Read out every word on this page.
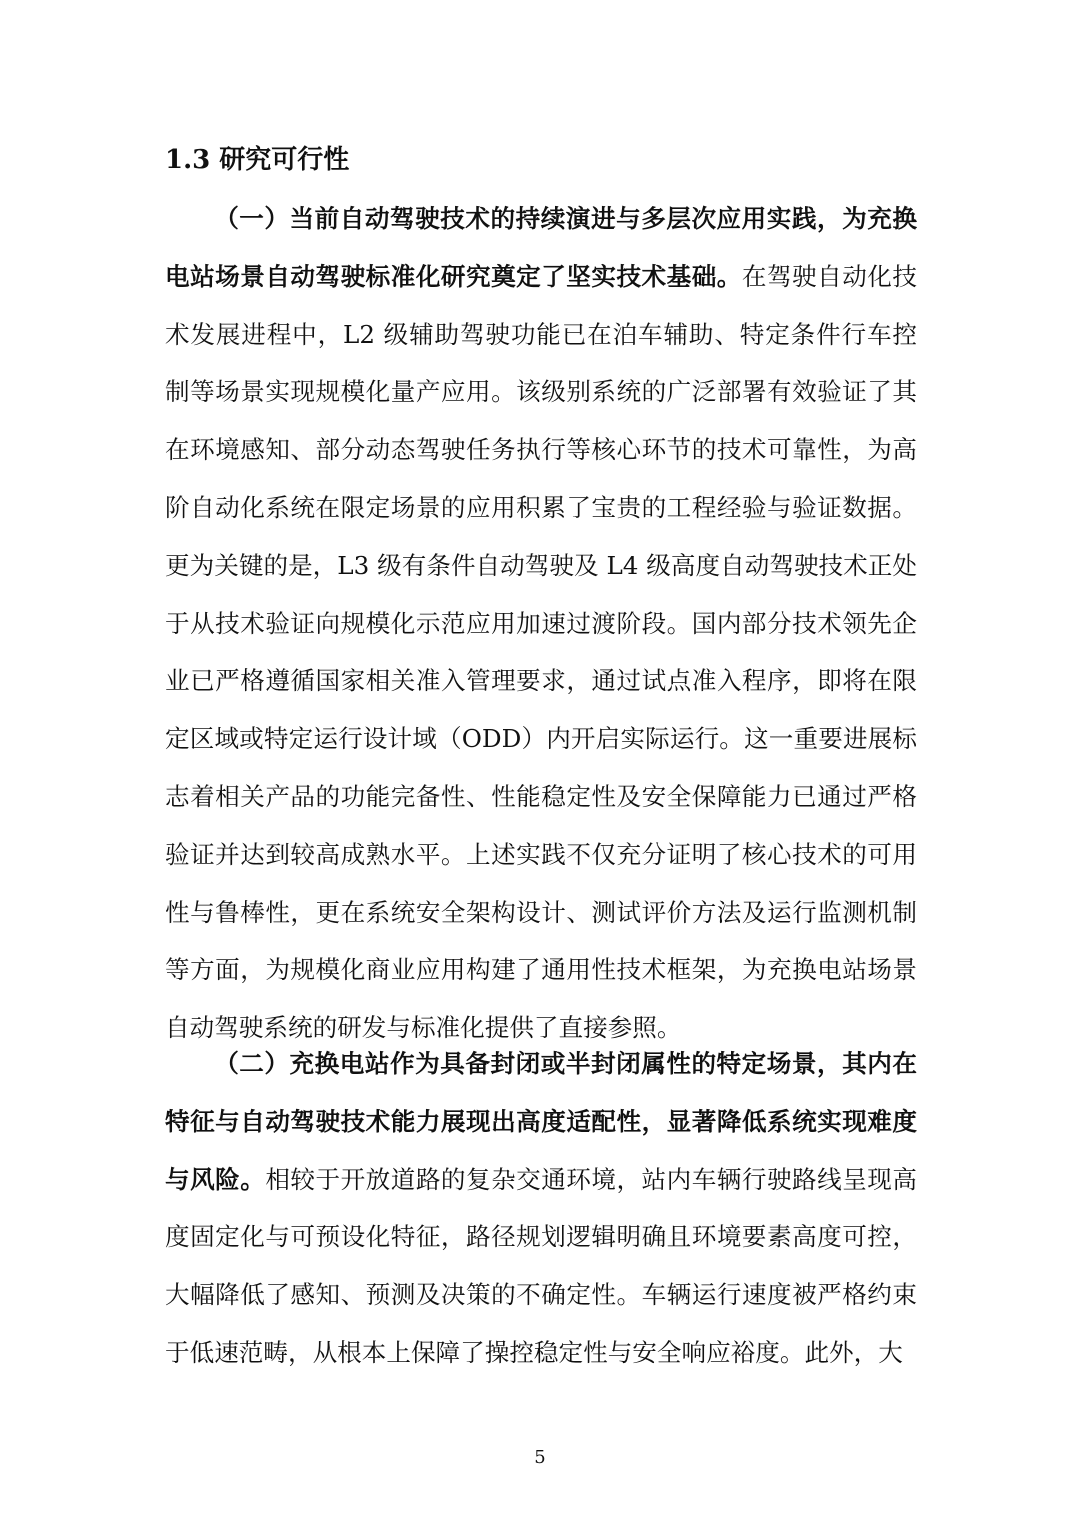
1.3 研究可行性

（一）当前自动驾驶技术的持续演进与多层次应用实践，为充换电站场景自动驾驶标准化研究奠定了坚实技术基础。在驾驶自动化技术发展进程中，L2 级辅助驾驶功能已在泊车辅助、特定条件行车控制等场景实现规模化量产应用。该级别系统的广泛部署有效验证了其在环境感知、部分动态驾驶任务执行等核心环节的技术可靠性，为高阶自动化系统在限定场景的应用积累了宝贵的工程经验与验证数据。更为关键的是，L3 级有条件自动驾驶及 L4 级高度自动驾驶技术正处于从技术验证向规模化示范应用加速过渡阶段。国内部分技术领先企业已严格遵循国家相关准入管理要求，通过试点准入程序，即将在限定区域或特定运行设计域（ODD）内开启实际运行。这一重要进展标志着相关产品的功能完备性、性能稳定性及安全保障能力已通过严格验证并达到较高成熟水平。上述实践不仅充分证明了核心技术的可用性与鲁棒性，更在系统安全架构设计、测试评价方法及运行监测机制等方面，为规模化商业应用构建了通用性技术框架，为充换电站场景自动驾驶系统的研发与标准化提供了直接参照。

（二）充换电站作为具备封闭或半封闭属性的特定场景，其内在特征与自动驾驶技术能力展现出高度适配性，显著降低系统实现难度与风险。相较于开放道路的复杂交通环境，站内车辆行驶路线呈现高度固定化与可预设化特征，路径规划逻辑明确且环境要素高度可控，大幅降低了感知、预测及决策的不确定性。车辆运行速度被严格约束于低速范畴，从根本上保障了操控稳定性与安全响应裕度。此外，大

5
